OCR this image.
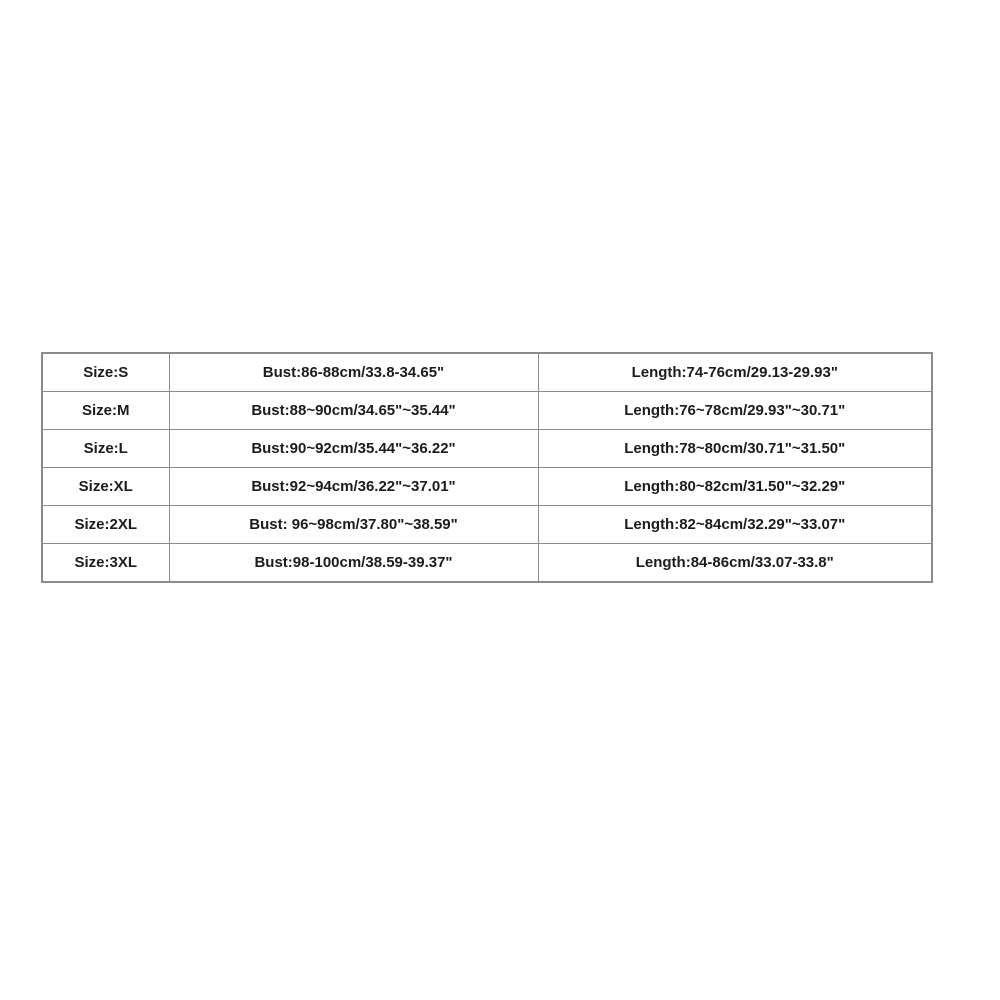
Size:S	Bust:86-88cm/33.8-34.65"	Length:74-76cm/29.13-29.93"
Size:M	Bust:88~90cm/34.65"~35.44"	Length:76~78cm/29.93"~30.71"
Size:L	Bust:90~92cm/35.44"~36.22"	Length:78~80cm/30.71"~31.50"
Size:XL	Bust:92~94cm/36.22"~37.01"	Length:80~82cm/31.50"~32.29"
Size:2XL	Bust: 96~98cm/37.80"~38.59"	Length:82~84cm/32.29"~33.07"
Size:3XL	Bust:98-100cm/38.59-39.37"	Length:84-86cm/33.07-33.8"
